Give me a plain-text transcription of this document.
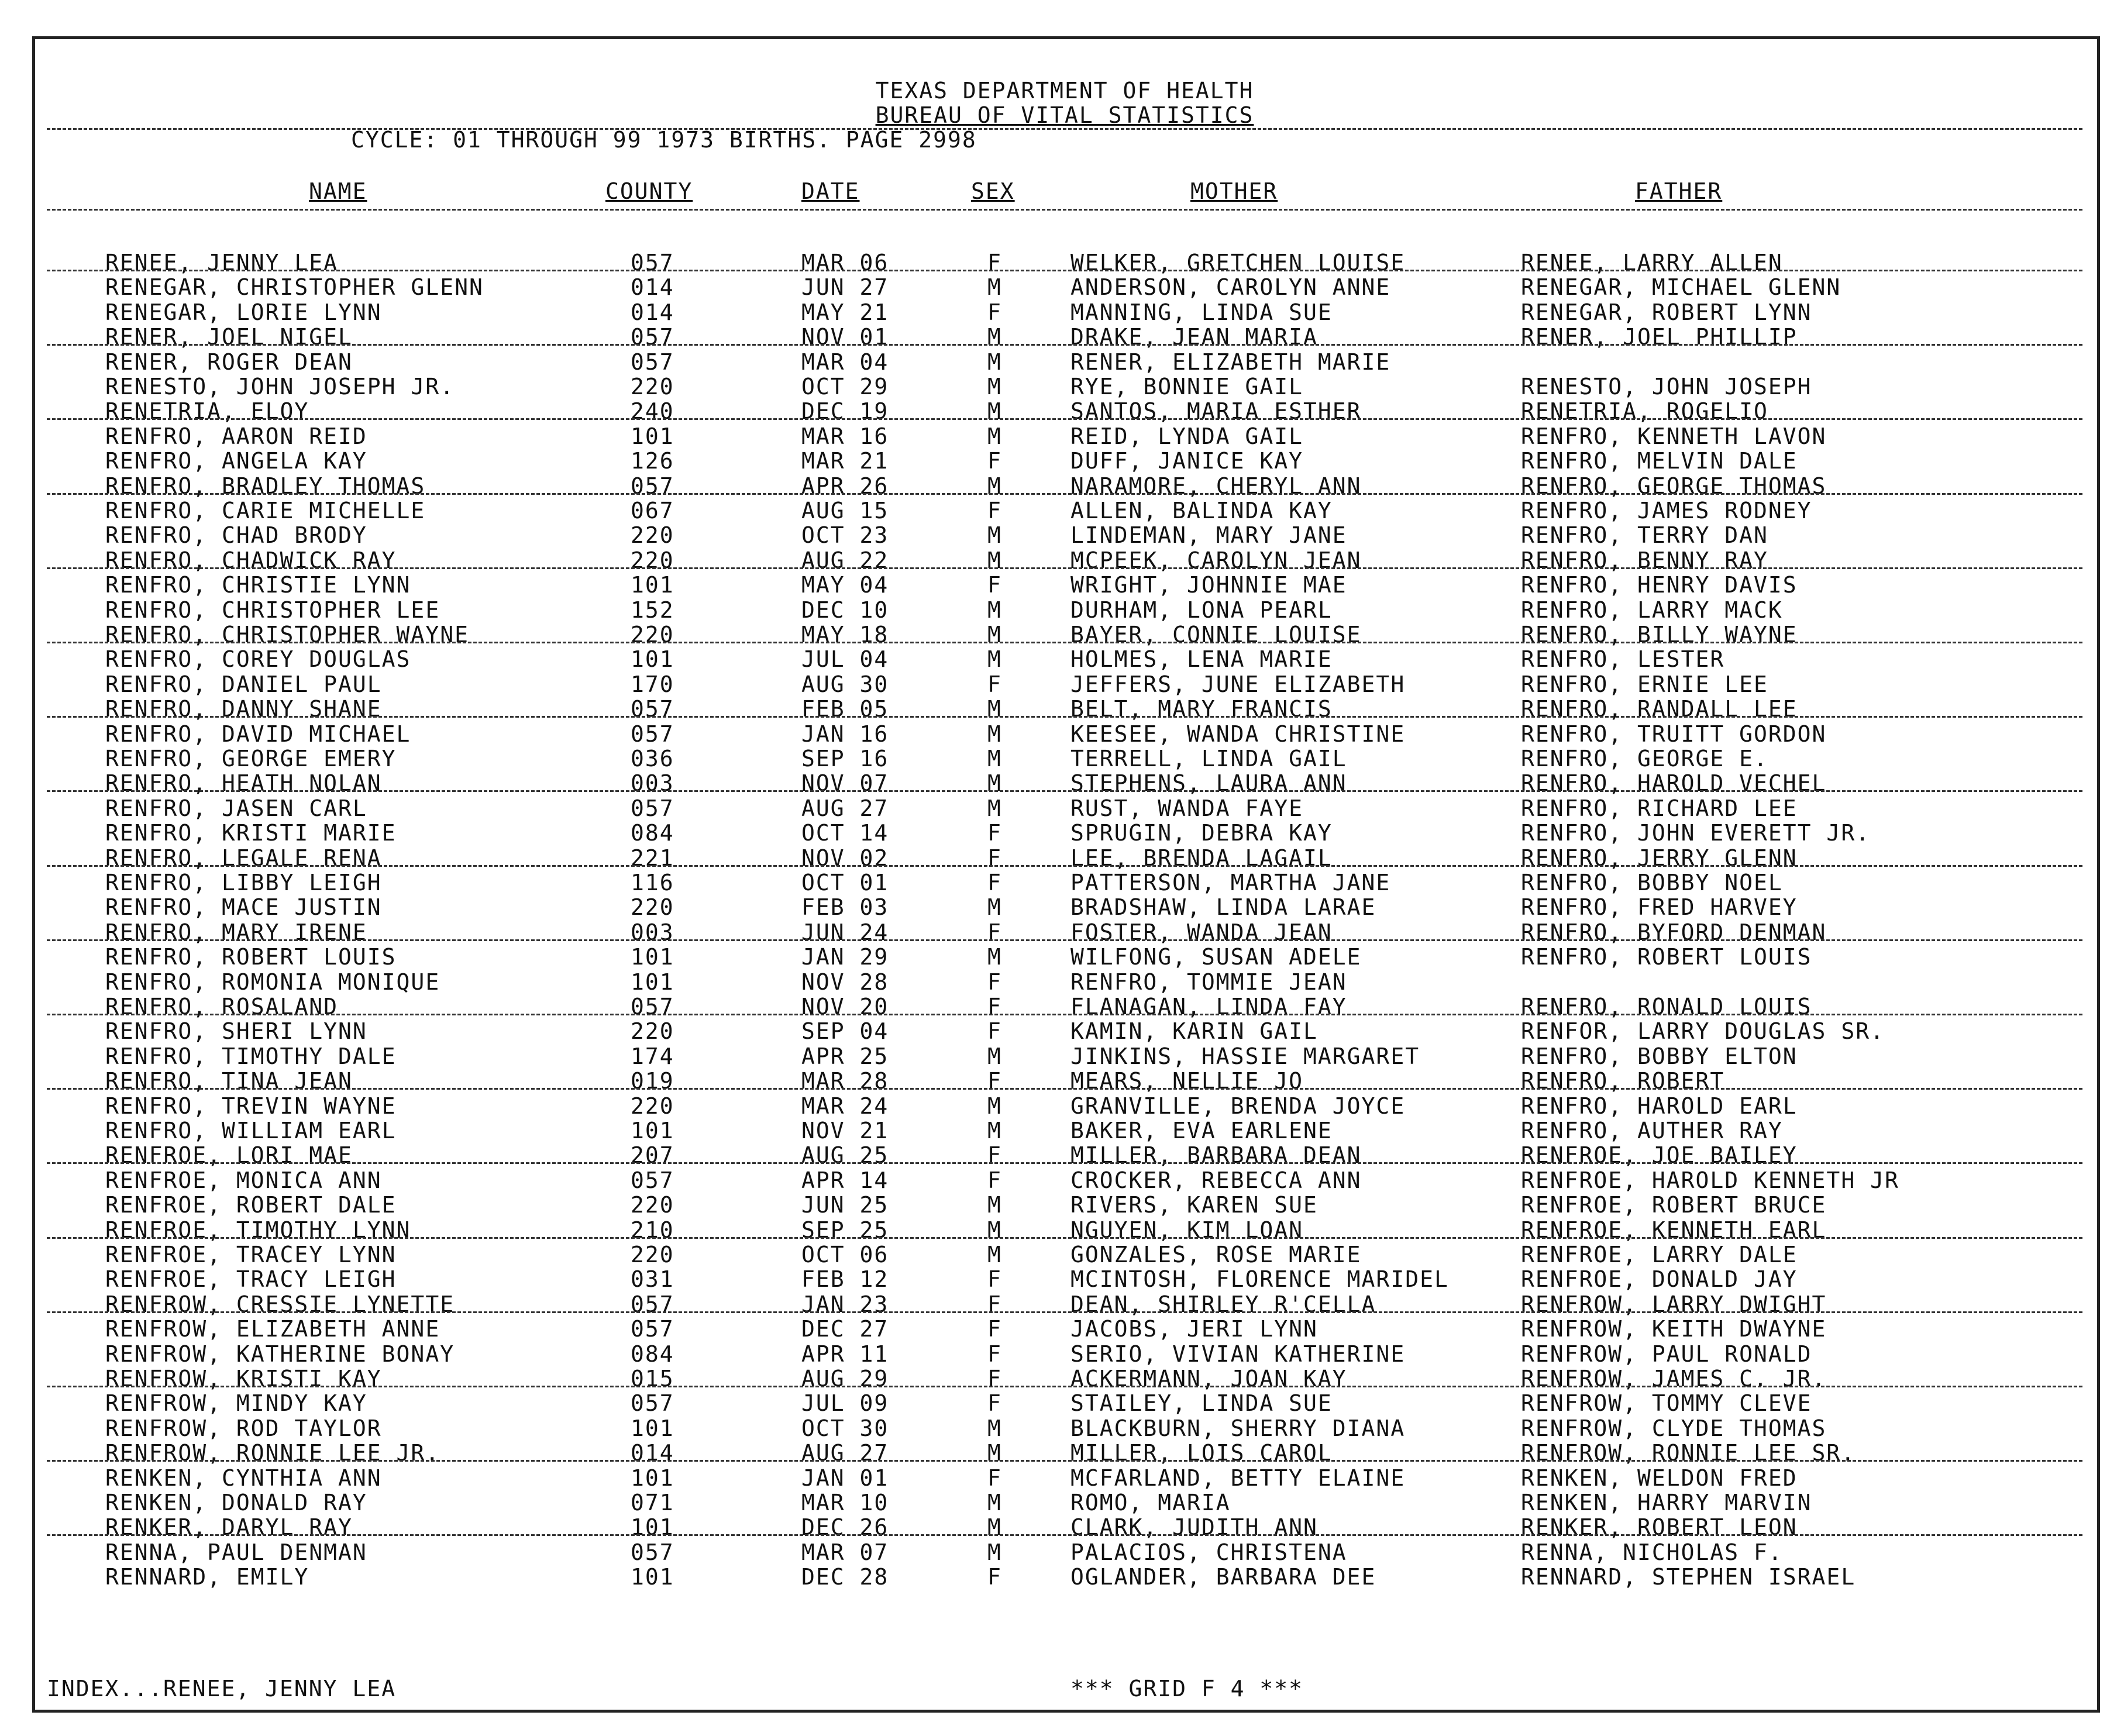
TEXAS DEPARTMENT OF HEALTH
BUREAU OF VITAL STATISTICS
CYCLE: 01 THROUGH 99 1973 BIRTHS. PAGE 2998
NAME	COUNTY	DATE	SEX	MOTHER	FATHER
RENEE, JENNY LEA	057	MAR 06	F	WELKER, GRETCHEN LOUISE	RENEE, LARRY ALLEN
RENEGAR, CHRISTOPHER GLENN	014	JUN 27	M	ANDERSON, CAROLYN ANNE	RENEGAR, MICHAEL GLENN
RENEGAR, LORIE LYNN	014	MAY 21	F	MANNING, LINDA SUE	RENEGAR, ROBERT LYNN
RENER, JOEL NIGEL	057	NOV 01	M	DRAKE, JEAN MARIA	RENER, JOEL PHILLIP
RENER, ROGER DEAN	057	MAR 04	M	RENER, ELIZABETH MARIE
RENESTO, JOHN JOSEPH JR.	220	OCT 29	M	RYE, BONNIE GAIL	RENESTO, JOHN JOSEPH
RENETRIA, ELOY	240	DEC 19	M	SANTOS, MARIA ESTHER	RENETRIA, ROGELIO
RENFRO, AARON REID	101	MAR 16	M	REID, LYNDA GAIL	RENFRO, KENNETH LAVON
RENFRO, ANGELA KAY	126	MAR 21	F	DUFF, JANICE KAY	RENFRO, MELVIN DALE
RENFRO, BRADLEY THOMAS	057	APR 26	M	NARAMORE, CHERYL ANN	RENFRO, GEORGE THOMAS
RENFRO, CARIE MICHELLE	067	AUG 15	F	ALLEN, BALINDA KAY	RENFRO, JAMES RODNEY
RENFRO, CHAD BRODY	220	OCT 23	M	LINDEMAN, MARY JANE	RENFRO, TERRY DAN
RENFRO, CHADWICK RAY	220	AUG 22	M	MCPEEK, CAROLYN JEAN	RENFRO, BENNY RAY
RENFRO, CHRISTIE LYNN	101	MAY 04	F	WRIGHT, JOHNNIE MAE	RENFRO, HENRY DAVIS
RENFRO, CHRISTOPHER LEE	152	DEC 10	M	DURHAM, LONA PEARL	RENFRO, LARRY MACK
RENFRO, CHRISTOPHER WAYNE	220	MAY 18	M	BAYER, CONNIE LOUISE	RENFRO, BILLY WAYNE
RENFRO, COREY DOUGLAS	101	JUL 04	M	HOLMES, LENA MARIE	RENFRO, LESTER
RENFRO, DANIEL PAUL	170	AUG 30	F	JEFFERS, JUNE ELIZABETH	RENFRO, ERNIE LEE
RENFRO, DANNY SHANE	057	FEB 05	M	BELT, MARY FRANCIS	RENFRO, RANDALL LEE
RENFRO, DAVID MICHAEL	057	JAN 16	M	KEESEE, WANDA CHRISTINE	RENFRO, TRUITT GORDON
RENFRO, GEORGE EMERY	036	SEP 16	M	TERRELL, LINDA GAIL	RENFRO, GEORGE E.
RENFRO, HEATH NOLAN	003	NOV 07	M	STEPHENS, LAURA ANN	RENFRO, HAROLD VECHEL
RENFRO, JASEN CARL	057	AUG 27	M	RUST, WANDA FAYE	RENFRO, RICHARD LEE
RENFRO, KRISTI MARIE	084	OCT 14	F	SPRUGIN, DEBRA KAY	RENFRO, JOHN EVERETT JR.
RENFRO, LEGALE RENA	221	NOV 02	F	LEE, BRENDA LAGAIL	RENFRO, JERRY GLENN
RENFRO, LIBBY LEIGH	116	OCT 01	F	PATTERSON, MARTHA JANE	RENFRO, BOBBY NOEL
RENFRO, MACE JUSTIN	220	FEB 03	M	BRADSHAW, LINDA LARAE	RENFRO, FRED HARVEY
RENFRO, MARY IRENE	003	JUN 24	F	FOSTER, WANDA JEAN	RENFRO, BYFORD DENMAN
RENFRO, ROBERT LOUIS	101	JAN 29	M	WILFONG, SUSAN ADELE	RENFRO, ROBERT LOUIS
RENFRO, ROMONIA MONIQUE	101	NOV 28	F	RENFRO, TOMMIE JEAN
RENFRO, ROSALAND	057	NOV 20	F	FLANAGAN, LINDA FAY	RENFRO, RONALD LOUIS
RENFRO, SHERI LYNN	220	SEP 04	F	KAMIN, KARIN GAIL	RENFOR, LARRY DOUGLAS SR.
RENFRO, TIMOTHY DALE	174	APR 25	M	JINKINS, HASSIE MARGARET	RENFRO, BOBBY ELTON
RENFRO, TINA JEAN	019	MAR 28	F	MEARS, NELLIE JO	RENFRO, ROBERT
RENFRO, TREVIN WAYNE	220	MAR 24	M	GRANVILLE, BRENDA JOYCE	RENFRO, HAROLD EARL
RENFRO, WILLIAM EARL	101	NOV 21	M	BAKER, EVA EARLENE	RENFRO, AUTHER RAY
RENFROE, LORI MAE	207	AUG 25	F	MILLER, BARBARA DEAN	RENFROE, JOE BAILEY
RENFROE, MONICA ANN	057	APR 14	F	CROCKER, REBECCA ANN	RENFROE, HAROLD KENNETH JR
RENFROE, ROBERT DALE	220	JUN 25	M	RIVERS, KAREN SUE	RENFROE, ROBERT BRUCE
RENFROE, TIMOTHY LYNN	210	SEP 25	M	NGUYEN, KIM LOAN	RENFROE, KENNETH EARL
RENFROE, TRACEY LYNN	220	OCT 06	M	GONZALES, ROSE MARIE	RENFROE, LARRY DALE
RENFROE, TRACY LEIGH	031	FEB 12	F	MCINTOSH, FLORENCE MARIDEL	RENFROE, DONALD JAY
RENFROW, CRESSIE LYNETTE	057	JAN 23	F	DEAN, SHIRLEY R'CELLA	RENFROW, LARRY DWIGHT
RENFROW, ELIZABETH ANNE	057	DEC 27	F	JACOBS, JERI LYNN	RENFROW, KEITH DWAYNE
RENFROW, KATHERINE BONAY	084	APR 11	F	SERIO, VIVIAN KATHERINE	RENFROW, PAUL RONALD
RENFROW, KRISTI KAY	015	AUG 29	F	ACKERMANN, JOAN KAY	RENFROW, JAMES C. JR.
RENFROW, MINDY KAY	057	JUL 09	F	STAILEY, LINDA SUE	RENFROW, TOMMY CLEVE
RENFROW, ROD TAYLOR	101	OCT 30	M	BLACKBURN, SHERRY DIANA	RENFROW, CLYDE THOMAS
RENFROW, RONNIE LEE JR.	014	AUG 27	M	MILLER, LOIS CAROL	RENFROW, RONNIE LEE SR.
RENKEN, CYNTHIA ANN	101	JAN 01	F	MCFARLAND, BETTY ELAINE	RENKEN, WELDON FRED
RENKEN, DONALD RAY	071	MAR 10	M	ROMO, MARIA	RENKEN, HARRY MARVIN
RENKER, DARYL RAY	101	DEC 26	M	CLARK, JUDITH ANN	RENKER, ROBERT LEON
RENNA, PAUL DENMAN	057	MAR 07	M	PALACIOS, CHRISTENA	RENNA, NICHOLAS F.
RENNARD, EMILY	101	DEC 28	F	OGLANDER, BARBARA DEE	RENNARD, STEPHEN ISRAEL
INDEX...RENEE, JENNY LEA	*** GRID F 4 ***
